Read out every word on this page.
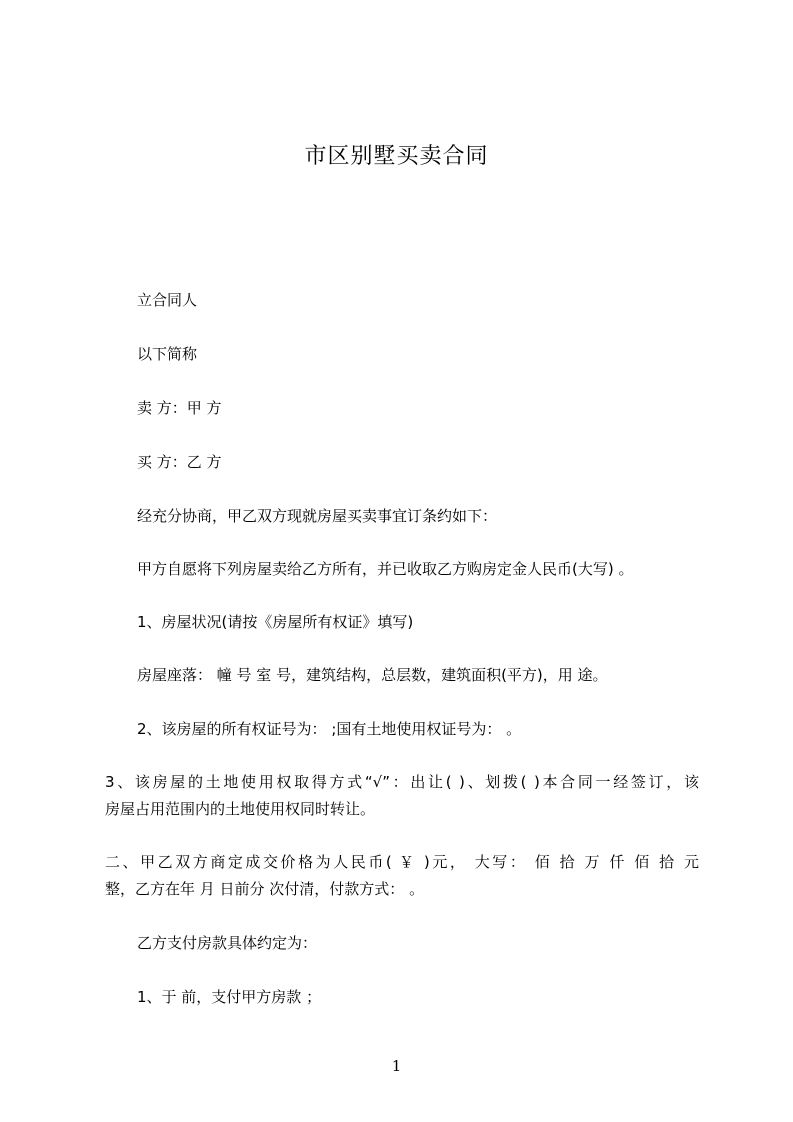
市区别墅买卖合同
立合同人
以下简称
卖 方：甲 方
买 方：乙 方
经充分协商，甲乙双方现就房屋买卖事宜订条约如下：
甲方自愿将下列房屋卖给乙方所有，并已收取乙方购房定金人民币(大写) 。
1、房屋状况(请按《房屋所有权证》填写)
房屋座落： 幢 号 室 号，建筑结构，总层数，建筑面积(平方)，用 途。
2、该房屋的所有权证号为： ;国有土地使用权证号为： 。
3、该房屋的土地使用权取得方式“√”：出让( )、划拨( )本合同一经签订，该
房屋占用范围内的土地使用权同时转让。
二、甲乙双方商定成交价格为人民币( ￥ )元， 大写： 佰 拾 万 仟 佰 拾 元
整，乙方在年 月 日前分 次付清，付款方式： 。
乙方支付房款具体约定为：
1、于 前，支付甲方房款 ；
1
